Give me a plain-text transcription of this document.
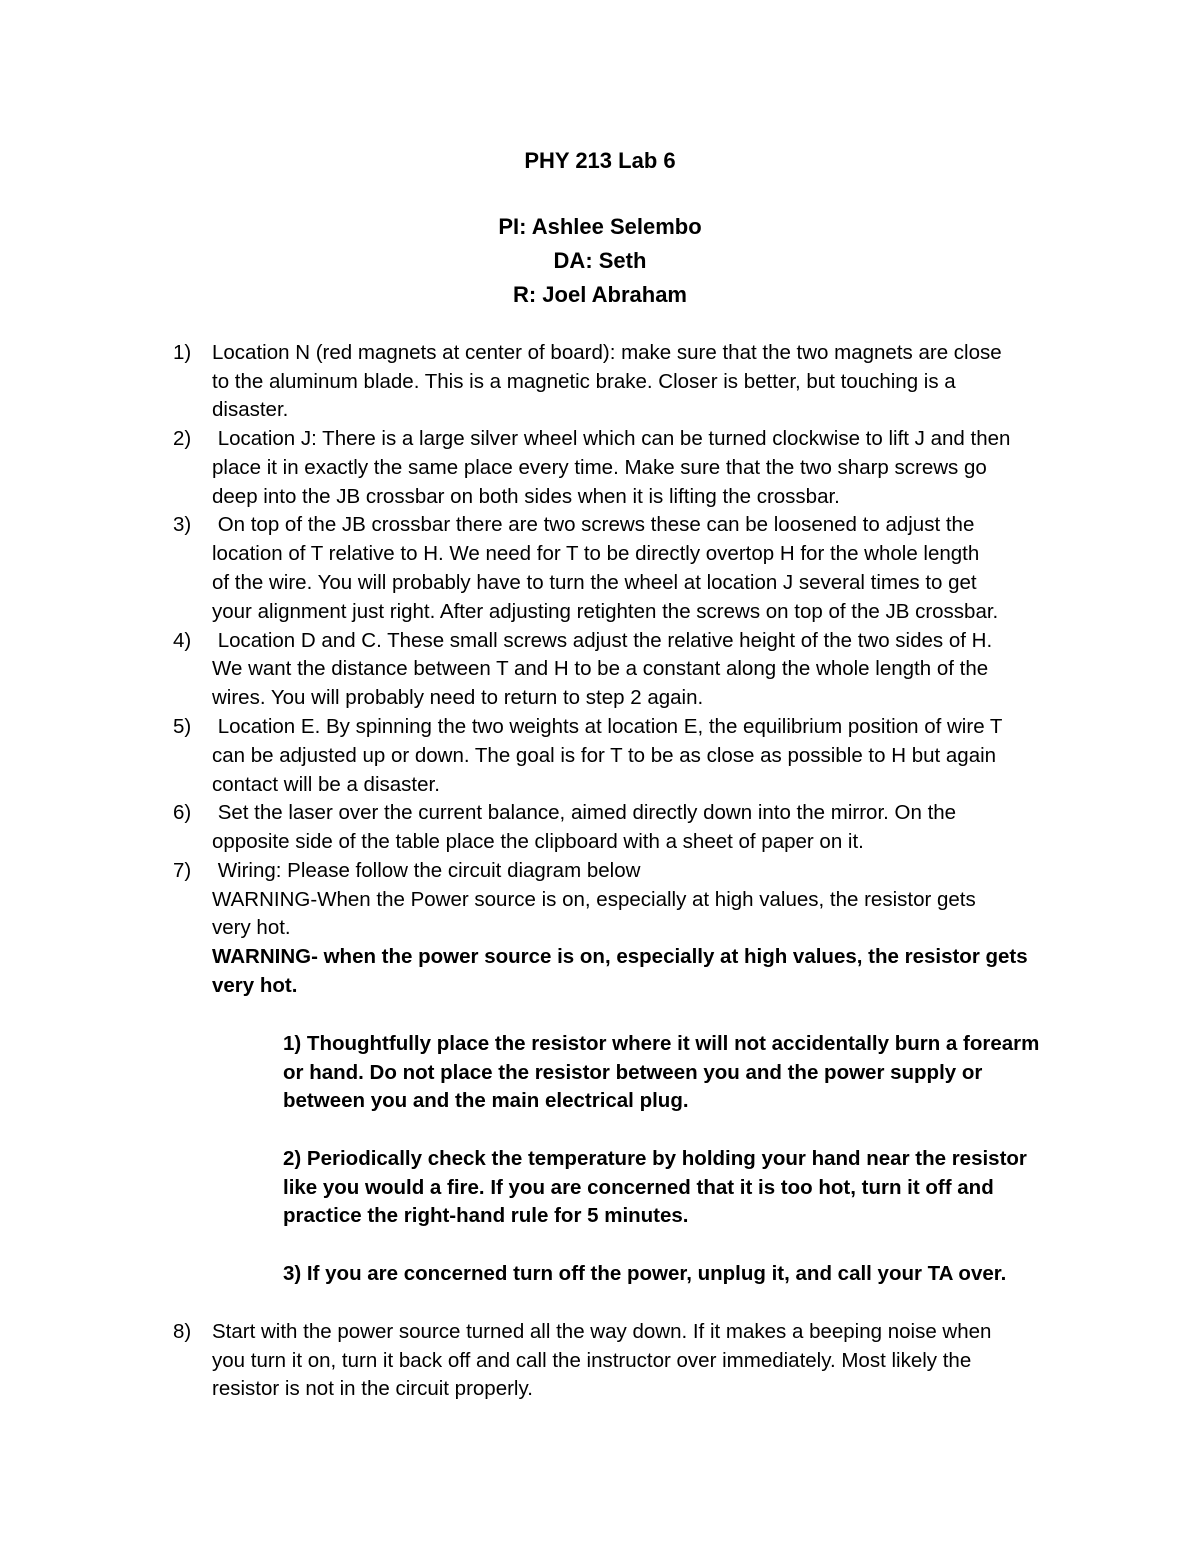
PHY 213 Lab 6
PI: Ashlee Selembo
DA: Seth
R: Joel Abraham
1) Location N (red magnets at center of board): make sure that the two magnets are close
to the aluminum blade. This is a magnetic brake. Closer is better, but touching is a
disaster.
2) Location J: There is a large silver wheel which can be turned clockwise to lift J and then
place it in exactly the same place every time. Make sure that the two sharp screws go
deep into the JB crossbar on both sides when it is lifting the crossbar.
3) On top of the JB crossbar there are two screws these can be loosened to adjust the
location of T relative to H. We need for T to be directly overtop H for the whole length
of the wire. You will probably have to turn the wheel at location J several times to get
your alignment just right. After adjusting retighten the screws on top of the JB crossbar.
4) Location D and C. These small screws adjust the relative height of the two sides of H.
We want the distance between T and H to be a constant along the whole length of the
wires. You will probably need to return to step 2 again.
5) Location E. By spinning the two weights at location E, the equilibrium position of wire T
can be adjusted up or down. The goal is for T to be as close as possible to H but again
contact will be a disaster.
6) Set the laser over the current balance, aimed directly down into the mirror. On the
opposite side of the table place the clipboard with a sheet of paper on it.
7) Wiring: Please follow the circuit diagram below
WARNING-When the Power source is on, especially at high values, the resistor gets
very hot.
WARNING- when the power source is on, especially at high values, the resistor gets
very hot.
1) Thoughtfully place the resistor where it will not accidentally burn a forearm
or hand. Do not place the resistor between you and the power supply or
between you and the main electrical plug.
2) Periodically check the temperature by holding your hand near the resistor
like you would a fire. If you are concerned that it is too hot, turn it off and
practice the right-hand rule for 5 minutes.
3) If you are concerned turn off the power, unplug it, and call your TA over.
8) Start with the power source turned all the way down. If it makes a beeping noise when
you turn it on, turn it back off and call the instructor over immediately. Most likely the
resistor is not in the circuit properly.
